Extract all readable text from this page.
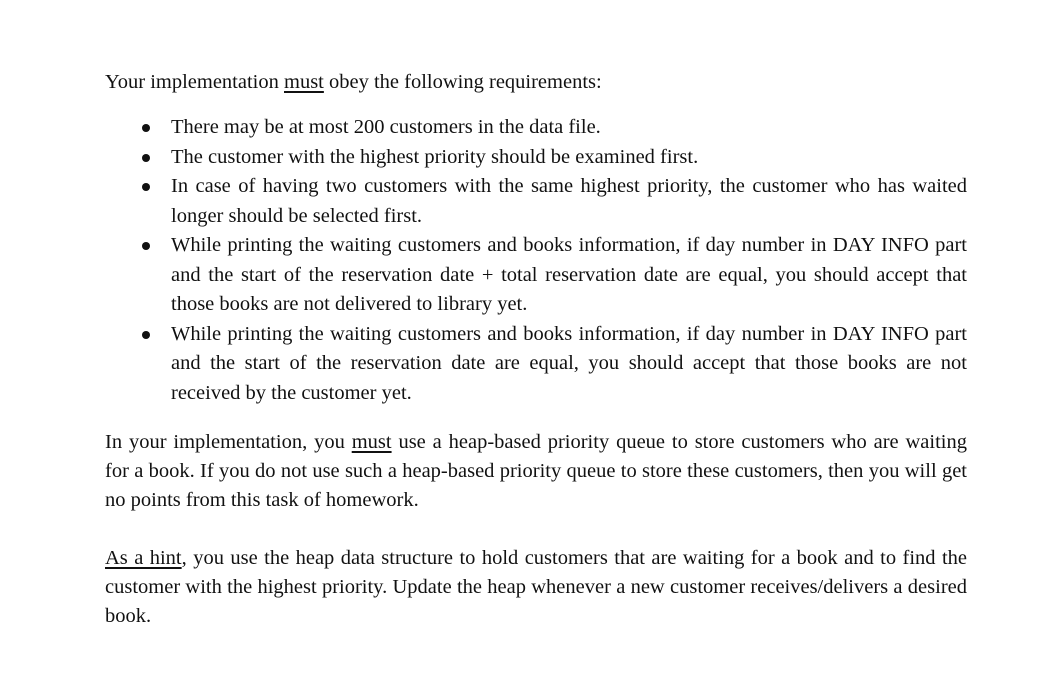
Your implementation must obey the following requirements:

There may be at most 200 customers in the data file.
The customer with the highest priority should be examined first.
In case of having two customers with the same highest priority, the customer who has waited longer should be selected first.
While printing the waiting customers and books information, if day number in DAY INFO part and the start of the reservation date + total reservation date are equal, you should accept that those books are not delivered to library yet.
While printing the waiting customers and books information, if day number in DAY INFO part and the start of the reservation date are equal, you should accept that those books are not received by the customer yet.

In your implementation, you must use a heap-based priority queue to store customers who are waiting for a book. If you do not use such a heap-based priority queue to store these customers, then you will get no points from this task of homework.

As a hint, you use the heap data structure to hold customers that are waiting for a book and to find the customer with the highest priority. Update the heap whenever a new customer receives/delivers a desired book.
